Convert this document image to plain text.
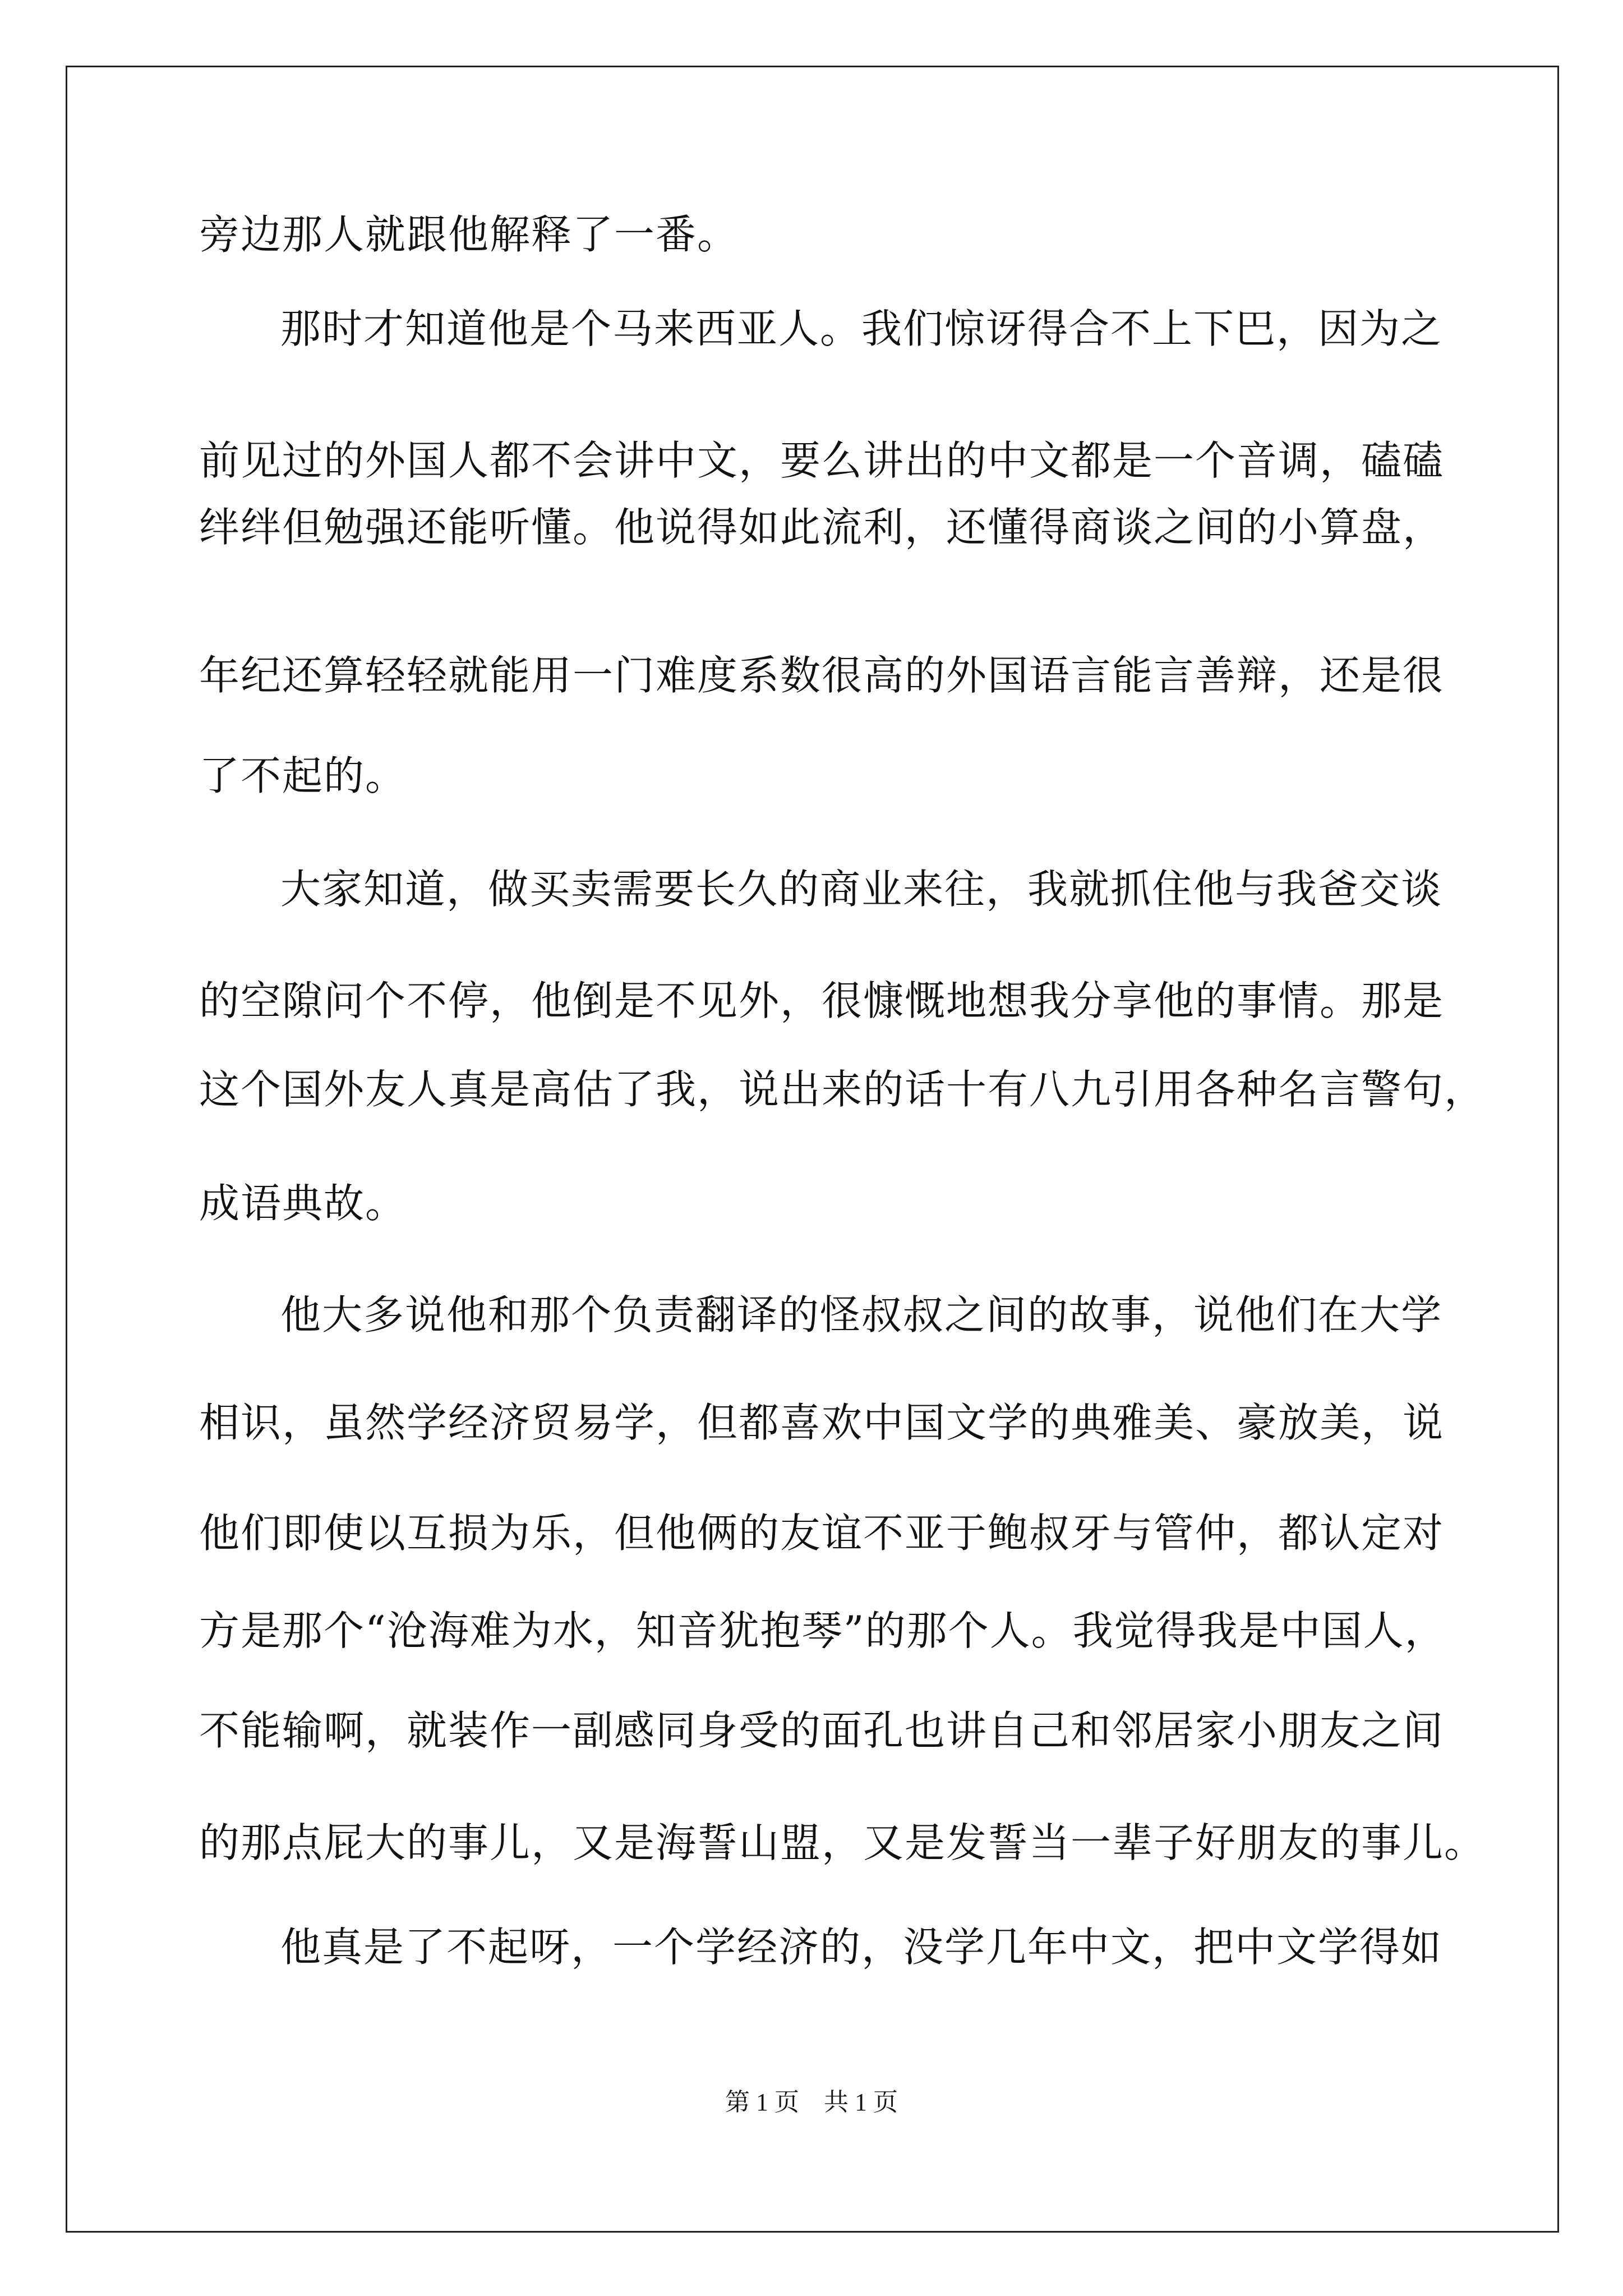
旁边那人就跟他解释了一番。
那时才知道他是个马来西亚人。我们惊讶得合不上下巴，因为之
前见过的外国人都不会讲中文，要么讲出的中文都是一个音调，磕磕
绊绊但勉强还能听懂。他说得如此流利，还懂得商谈之间的小算盘，
年纪还算轻轻就能用一门难度系数很高的外国语言能言善辩，还是很
了不起的。
大家知道，做买卖需要长久的商业来往，我就抓住他与我爸交谈
的空隙问个不停，他倒是不见外，很慷慨地想我分享他的事情。那是
这个国外友人真是高估了我，说出来的话十有八九引用各种名言警句，
成语典故。
他大多说他和那个负责翻译的怪叔叔之间的故事，说他们在大学
相识，虽然学经济贸易学，但都喜欢中国文学的典雅美、豪放美，说
他们即使以互损为乐，但他俩的友谊不亚于鲍叔牙与管仲，都认定对
方是那个“沧海难为水，知音犹抱琴”的那个人。我觉得我是中国人，
不能输啊，就装作一副感同身受的面孔也讲自己和邻居家小朋友之间
的那点屁大的事儿，又是海誓山盟，又是发誓当一辈子好朋友的事儿。
他真是了不起呀，一个学经济的，没学几年中文，把中文学得如
第 1 页    共 1 页
